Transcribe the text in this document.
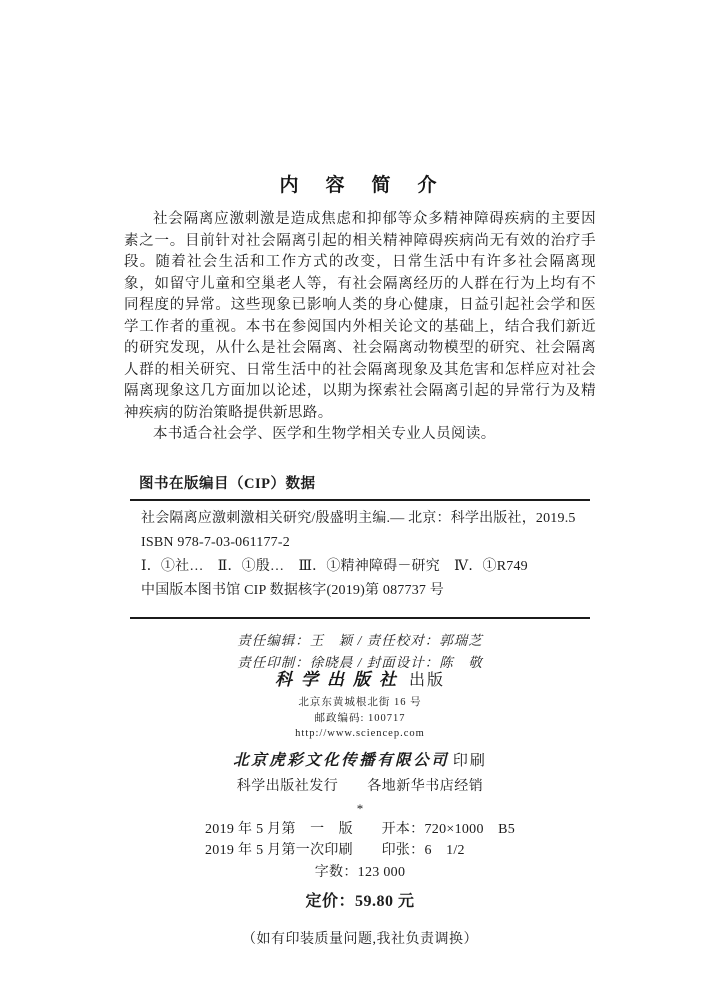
内　容　简　介

社会隔离应激刺激是造成焦虑和抑郁等众多精神障碍疾病的主要因素之一。目前针对社会隔离引起的相关精神障碍疾病尚无有效的治疗手段。随着社会生活和工作方式的改变，日常生活中有许多社会隔离现象，如留守儿童和空巢老人等，有社会隔离经历的人群在行为上均有不同程度的异常。这些现象已影响人类的身心健康，日益引起社会学和医学工作者的重视。本书在参阅国内外相关论文的基础上，结合我们新近的研究发现，从什么是社会隔离、社会隔离动物模型的研究、社会隔离人群的相关研究、日常生活中的社会隔离现象及其危害和怎样应对社会隔离现象这几方面加以论述，以期为探索社会隔离引起的异常行为及精神疾病的防治策略提供新思路。

本书适合社会学、医学和生物学相关专业人员阅读。

图书在版编目（CIP）数据

社会隔离应激刺激相关研究/殷盛明主编.— 北京：科学出版社，2019.5

ISBN 978-7-03-061177-2

Ⅰ．①社…　Ⅱ．①殷…　Ⅲ．①精神障碍－研究　Ⅳ．①R749

中国版本图书馆 CIP 数据核字(2019)第 087737 号

责任编辑：王　颖 / 责任校对：郭瑞芝
责任印制：徐晓晨 / 封面设计：陈　敬
科学出版社 出版
北京东黄城根北街 16 号
邮政编码: 100717
http://www.sciencep.com
北京虎彩文化传播有限公司 印刷
科学出版社发行　　各地新华书店经销
*
2019 年 5 月第　一　版　　开本：720×1000　B5
2019 年 5 月第一次印刷　　印张：6　1/2
字数：123 000
定价：59.80 元
（如有印装质量问题,我社负责调换）
